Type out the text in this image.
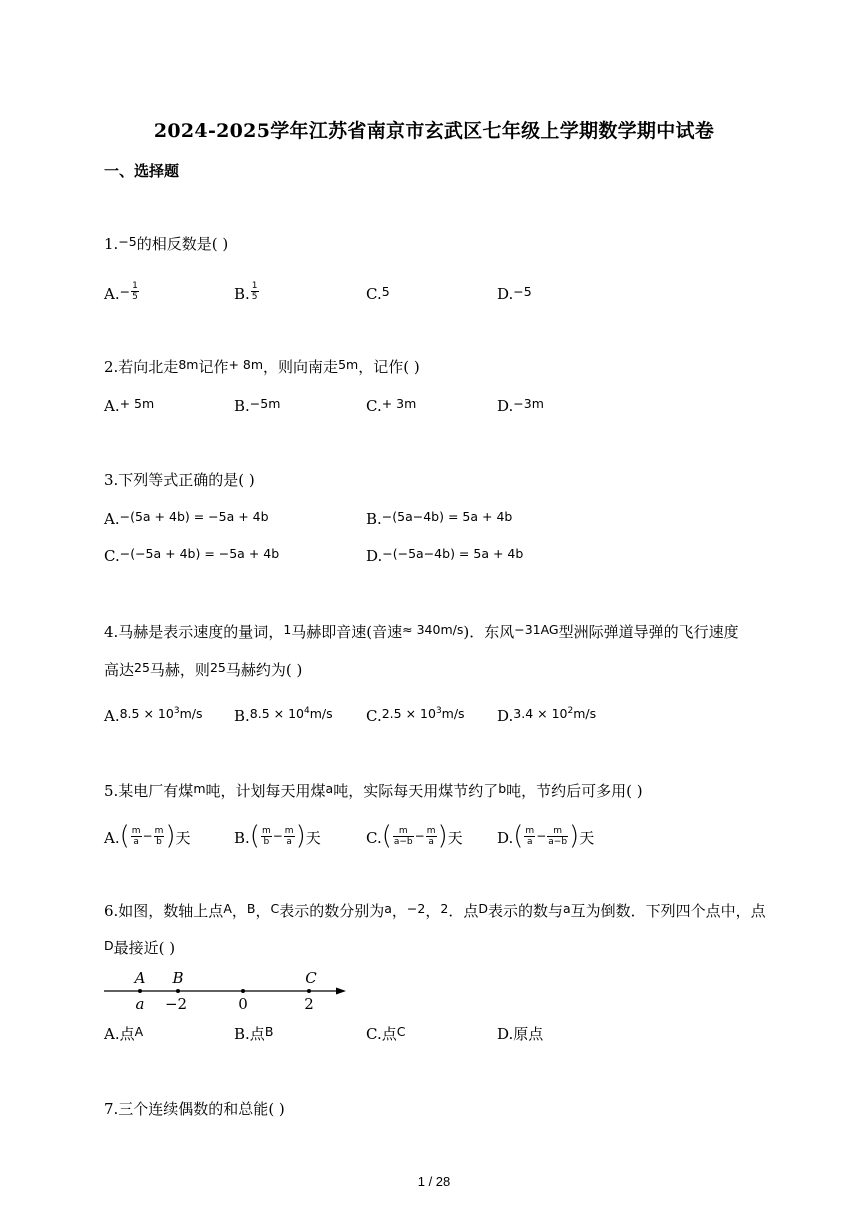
2024-2025学年江苏省南京市玄武区七年级上学期数学期中试卷
一、选择题
1.$^{-5}$的相反数是( )
$A.^- \frac{1}{5}$	B. $\frac{1}{5}$	C.$^5$	D.$^{-5}$
2.若向北走$^{8m}$记作$^{+ 8m}$，则向南走$^{5m}$，记作( )
A.$^{+ 5m}$	B.$^{-5m}$	C.$^{+ 3m}$	D.$^{-3m}$
3.下列等式正确的是( )
A.$^{-(5a + 4b) = -5a + 4b}$	B.$^{-(5a-4b) = 5a + 4b}$
C.$^{-(-5a + 4b) = -5a + 4b}$	D.$^{-(-5a-4b) = 5a + 4b}$
4.马赫是表示速度的量词，$^1$马赫即音速(音速$^{\approx 340m/s}$)．东风$^{-31AG}$型洲际弹道导弹的飞行速度
高达$^{25}$马赫，则$^{25}$马赫约为( )
A.$^{8.5 \times 10^3m/s}$ B.$^{8.5 \times 10^4m/s}$ C.$^{2.5 \times 10^3m/s}$ D.$^{3.4 \times 10^2m/s}$
5.某电厂有煤$^m$吨，计划每天用煤$^a$吨，实际每天用煤节约了$^b$吨，节约后可多用( )
$A.( \frac{m}{a} - \frac{m}{b}$ )天	$B.( \frac{m}{b} - \frac{m}{a}$ )天	$C.( \frac{m}{a-b} - \frac{m}{a}$ )天 $D.( \frac{m}{a} - \frac{m}{a-b}$ )天
6.如图，数轴上点$^A$，$^B$，$^C$表示的数分别为$^a$，$^{-2}$，$^2$．点$^D$表示的数与$^a$互为倒数．下列四个点中，点
$^D$最接近( )
A
a
B
−2	0
C
2
A.点$^A$	B.点$^B$	C.点$^C$	D.原点
7.三个连续偶数的和总能( )
1 / 28
